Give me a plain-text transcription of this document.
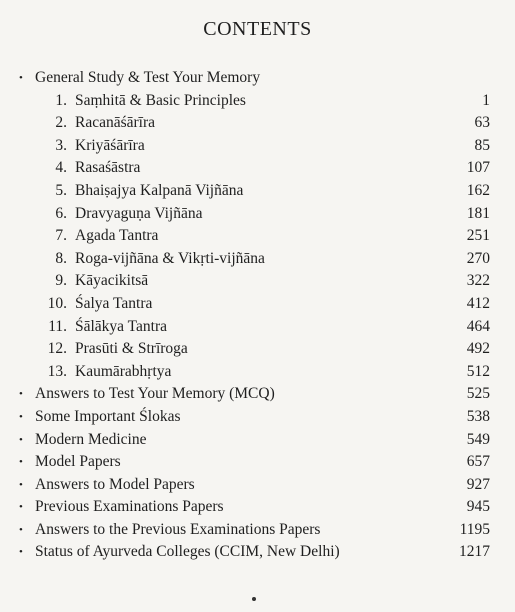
CONTENTS
• General Study & Test Your Memory
1. Saṃhitā & Basic Principles	1
2. Racanāśārīra	63
3. Kriyāśārīra	85
4. Rasaśāstra	107
5. Bhaiṣajya Kalpanā Vijñāna	162
6. Dravyaguṇa Vijñāna	181
7. Agada Tantra	251
8. Roga-vijñāna & Vikṛti-vijñāna	270
9. Kāyacikitsā	322
10. Śalya Tantra	412
11. Śālākya Tantra	464
12. Prasūti & Strīroga	492
13. Kaumārabhṛtya	512
• Answers to Test Your Memory (MCQ)	525
• Some Important Ślokas	538
• Modern Medicine	549
• Model Papers	657
• Answers to Model Papers	927
• Previous Examinations Papers	945
• Answers to the Previous Examinations Papers	1195
• Status of Ayurveda Colleges (CCIM, New Delhi)	1217
